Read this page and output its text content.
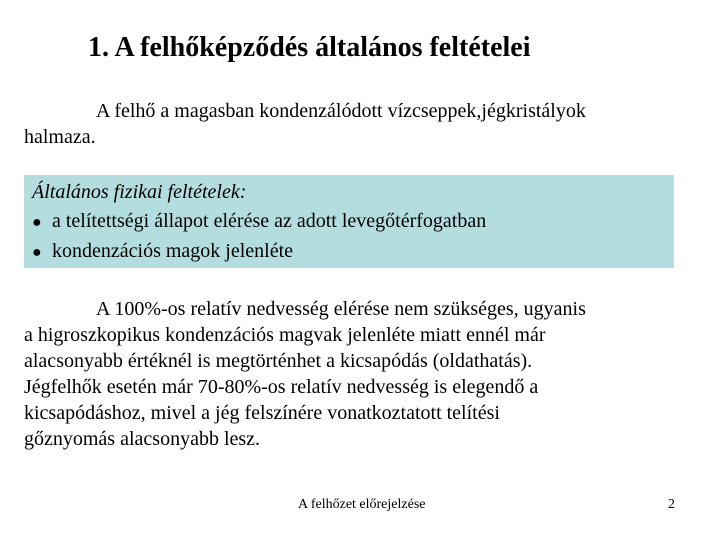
1. A felhőképződés általános feltételei
A felhő a magasban kondenzálódott vízcseppek,jégkristályok
halmaza.
Általános fizikai feltételek:
● a telítettségi állapot elérése az adott levegőtérfogatban
● kondenzációs magok jelenléte
A 100%-os relatív nedvesség elérése nem szükséges, ugyanis
a higroszkopikus kondenzációs magvak jelenléte miatt ennél már
alacsonyabb értéknél is megtörténhet a kicsapódás (oldathatás).
Jégfelhők esetén már 70-80%-os relatív nedvesség is elegendő a
kicsapódáshoz, mivel a jég felszínére vonatkoztatott telítési
gőznyomás alacsonyabb lesz.
A felhőzet előrejelzése	2
